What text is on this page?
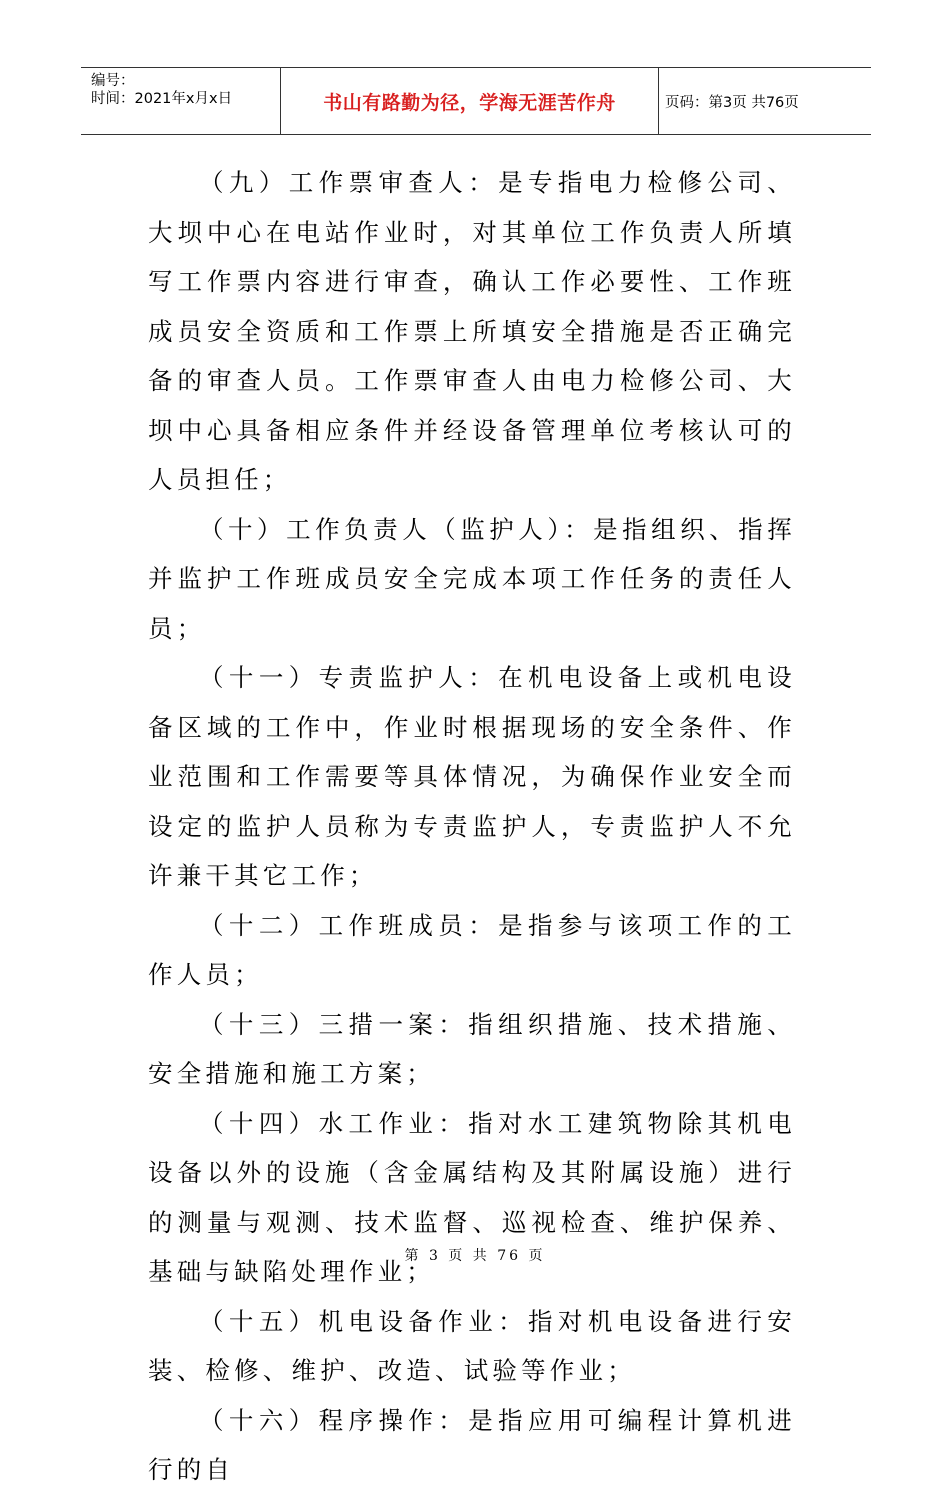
编号：
时间：2021年x月x日	书山有路勤为径，学海无涯苦作舟	页码：第3页 共76页

（九）工作票审查人：是专指电力检修公司、大坝中心在电站作业时，对其单位工作负责人所填写工作票内容进行审查，确认工作必要性、工作班成员安全资质和工作票上所填安全措施是否正确完备的审查人员。工作票审查人由电力检修公司、大坝中心具备相应条件并经设备管理单位考核认可的人员担任；

（十）工作负责人（监护人）：是指组织、指挥并监护工作班成员安全完成本项工作任务的责任人员；

（十一）专责监护人：在机电设备上或机电设备区域的工作中，作业时根据现场的安全条件、作业范围和工作需要等具体情况，为确保作业安全而设定的监护人员称为专责监护人，专责监护人不允许兼干其它工作；

（十二）工作班成员：是指参与该项工作的工作人员；

（十三）三措一案：指组织措施、技术措施、安全措施和施工方案；

（十四）水工作业：指对水工建筑物除其机电设备以外的设施（含金属结构及其附属设施）进行的测量与观测、技术监督、巡视检查、维护保养、基础与缺陷处理作业；

（十五）机电设备作业：指对机电设备进行安装、检修、维护、改造、试验等作业；

（十六）程序操作：是指应用可编程计算机进行的自

第 3 页 共 76 页
